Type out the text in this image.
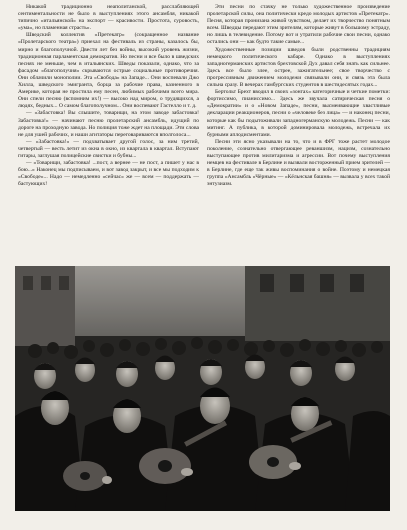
Никакой традиционно неаполитанской, расслабляющей сентиментальности не было в выступлениях этого ансамбля, никакой типично «итальянской» на экспорт — красивости. Простота, суровость, «ума», но пламенная страсть».

Шведский коллектив «Претекатр» (сокращенное название «Пролетарского театра») приехал на фестиваль из страны, казалось бы, мирно и благополучной. Двести лет без войны, высокий уровень жизни, традиционная парламентская демократия. Но песни и все было в шведских песнях не меньше, чем в итальянских. Шведы показали, однако, что за фасадом «благополучия» скрываются острые социальные противоречия. Они облачили монополии. Эта «Свобода» на Западе... Они воспевали Джо Хилла, шведского эмигранта, борца за рабочие права, казненного в Америке, которая не простила ему песен, любимых рабочими всего мира. Они спели песню (вспомним их!) — высоко над миром, о трудящихся, а людях, бедных... О самом благополучном... Они воспевают Гастелло и т. д.

— «Забастовка! Вы слышите, товарищи, на этом заводе забастовка! Забастовка!» — начинают песню пролетарский ансамбль, идущий по дороге на проходную завода. Но полиция тоже ждет на площади. Эти слова не для ушей рабочих, и наши агитаторы переговариваются вполголоса...

— «Забастовка!» — подхватывает другой голос, за ним третий, четвертый — весть летит из окна в окно, из квартала в квартал. Вступают гитары, заглушая полицейские свистки и бубны...

— «Товарищи, забастовка! ...пост, а вернее — не пост, а пишет у нас в бою...» Наконец мы подписываем, и вот завод закрыт, и все мы подходим к «Свободе»... Надо — немедленно «сейчас» же — всем — поддержать — бастующих!

Эти песни по стачку не только художественное произведение пролетарской силы, она политически кредо молодых артистов «Претекатр». Песня, которая пронизана живой чувством, делает их творчество понятным всем. Шведцы передают этим зрителям, которые живут в большому эстраду, но лишь в телевидение. Потому вот и утратили рабочие свои песни, однако остались они — как будто такие самые...

Художественные позиции шведов были родственны традициям немецкого политического кабаре. Однако в выступлениях западногерманских артистов брехтовской Дух давал себя знать как сильнее. Здесь все было злее, острее, зажигательнее; свое творчество с прогрессивным движением молодежи связывали они, и связь эта была сильна сразу. В вечерах гамбургских студентов в шестидесятых годах...

Бертольт Брехт вводил в своих «зонгах» категоричные и четкие пометки: фортиссимо, пианиссимо... Здесь же звучала сатирическая песня о «Демократии» и о «Новом Западе», песни, высмеивающие хвастливые декларации реакционеров, песни о «человеке без лица» — и наконец песни, которые как бы подытоживали западногерманскую молодежь. Песни — как митинг. А публика, в которой доминировала молодежь, встречала их бурными аплодисментами.

Песни эти ясно указывали на то, что и в ФРГ тоже растет молодое поколение, сознательно отвергающее реваншизм, нацизм, сознательно выступающее против милитаризма и агрессии. Вот почему выступления немцев на фестивале в Берлине и вызвали восторженный прием зрителей — в Берлине, где еще так живы воспоминания о войне. Поэтому и немецкая группа «Ансамбль «Чёрные» — «Кёльнская башня» — вызвала у всех такой энтузиазм.
